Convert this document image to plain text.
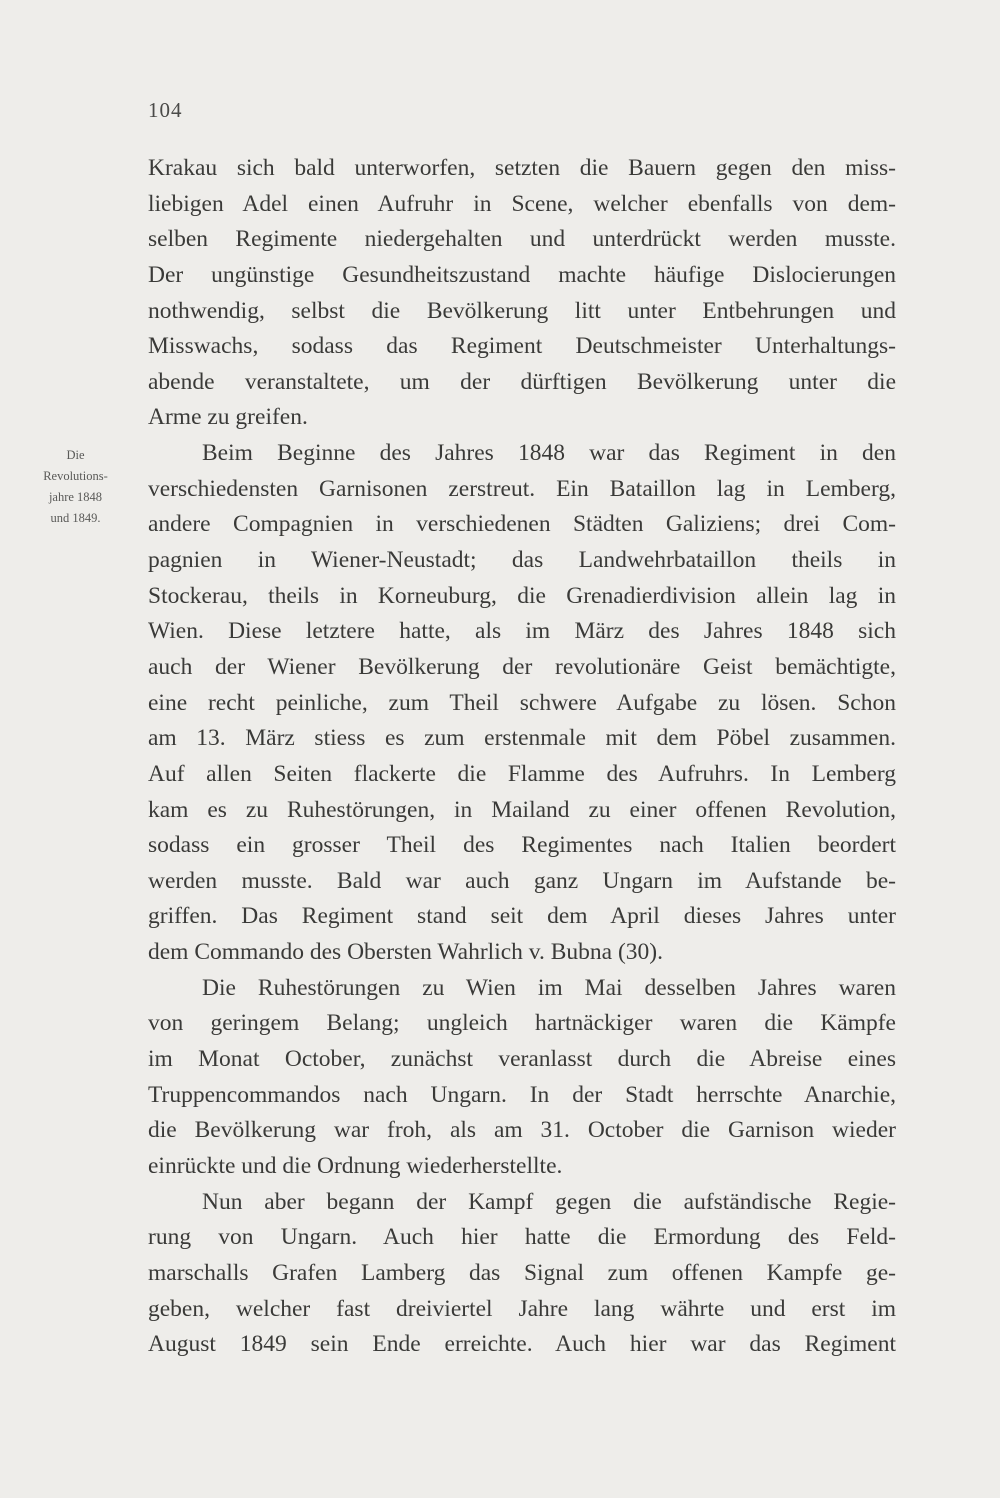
104
Die
Revolutions-
jahre 1848
und 1849.
Krakau sich bald unterworfen, setzten die Bauern gegen den miss-
liebigen Adel einen Aufruhr in Scene, welcher ebenfalls von dem-
selben Regimente niedergehalten und unterdrückt werden musste.
Der ungünstige Gesundheitszustand machte häufige Dislocierungen
nothwendig, selbst die Bevölkerung litt unter Entbehrungen und
Misswachs, sodass das Regiment Deutschmeister Unterhaltungs-
abende veranstaltete, um der dürftigen Bevölkerung unter die
Arme zu greifen.
Beim Beginne des Jahres 1848 war das Regiment in den
verschiedensten Garnisonen zerstreut. Ein Bataillon lag in Lemberg,
andere Compagnien in verschiedenen Städten Galiziens; drei Com-
pagnien in Wiener-Neustadt; das Landwehrbataillon theils in
Stockerau, theils in Korneuburg, die Grenadierdivision allein lag in
Wien. Diese letztere hatte, als im März des Jahres 1848 sich
auch der Wiener Bevölkerung der revolutionäre Geist bemächtigte,
eine recht peinliche, zum Theil schwere Aufgabe zu lösen. Schon
am 13. März stiess es zum erstenmale mit dem Pöbel zusammen.
Auf allen Seiten flackerte die Flamme des Aufruhrs. In Lemberg
kam es zu Ruhestörungen, in Mailand zu einer offenen Revolution,
sodass ein grosser Theil des Regimentes nach Italien beordert
werden musste. Bald war auch ganz Ungarn im Aufstande be-
griffen. Das Regiment stand seit dem April dieses Jahres unter
dem Commando des Obersten Wahrlich v. Bubna (30).
Die Ruhestörungen zu Wien im Mai desselben Jahres waren
von geringem Belang; ungleich hartnäckiger waren die Kämpfe
im Monat October, zunächst veranlasst durch die Abreise eines
Truppencommandos nach Ungarn. In der Stadt herrschte Anarchie,
die Bevölkerung war froh, als am 31. October die Garnison wieder
einrückte und die Ordnung wiederherstellte.
Nun aber begann der Kampf gegen die aufständische Regie-
rung von Ungarn. Auch hier hatte die Ermordung des Feld-
marschalls Grafen Lamberg das Signal zum offenen Kampfe ge-
geben, welcher fast dreiviertel Jahre lang währte und erst im
August 1849 sein Ende erreichte. Auch hier war das Regiment
